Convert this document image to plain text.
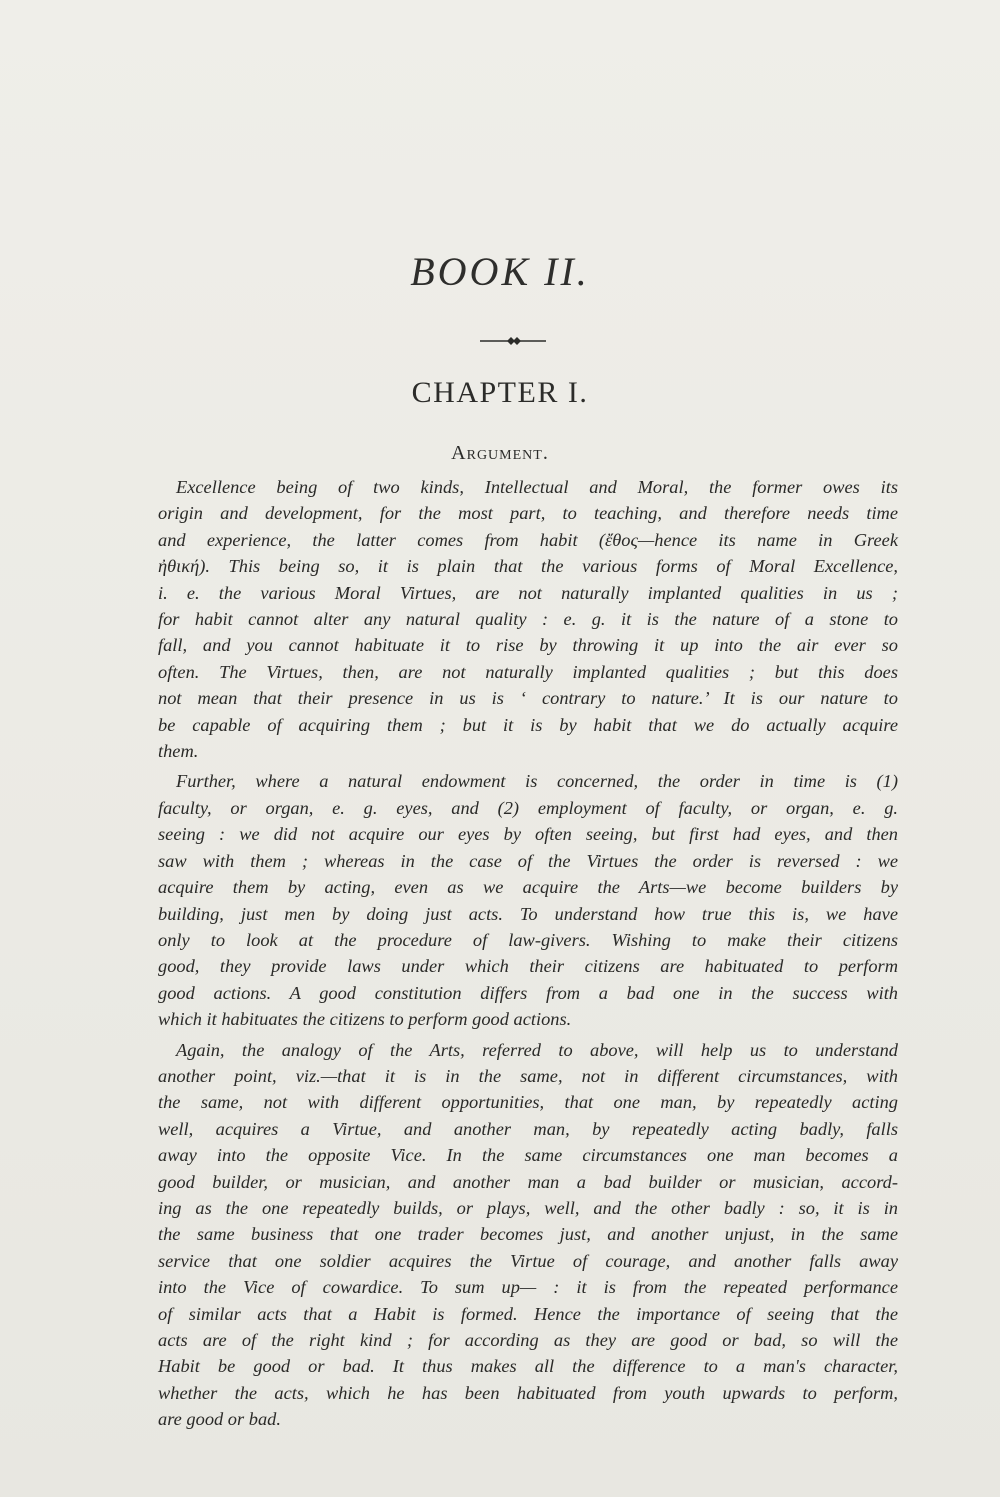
BOOK II.
CHAPTER I.
Argument.
Excellence being of two kinds, Intellectual and Moral, the former owes its
origin and development, for the most part, to teaching, and therefore needs time
and experience, the latter comes from habit (ἔθος—hence its name in Greek
ἠθική). This being so, it is plain that the various forms of Moral Excellence,
i. e. the various Moral Virtues, are not naturally implanted qualities in us ;
for habit cannot alter any natural quality : e. g. it is the nature of a stone to
fall, and you cannot habituate it to rise by throwing it up into the air ever so
often. The Virtues, then, are not naturally implanted qualities ; but this does
not mean that their presence in us is ‘ contrary to nature.’ It is our nature to
be capable of acquiring them ; but it is by habit that we do actually acquire
them.
Further, where a natural endowment is concerned, the order in time is (1)
faculty, or organ, e. g. eyes, and (2) employment of faculty, or organ, e. g.
seeing : we did not acquire our eyes by often seeing, but first had eyes, and then
saw with them ; whereas in the case of the Virtues the order is reversed : we
acquire them by acting, even as we acquire the Arts—we become builders by
building, just men by doing just acts. To understand how true this is, we have
only to look at the procedure of law-givers. Wishing to make their citizens
good, they provide laws under which their citizens are habituated to perform
good actions. A good constitution differs from a bad one in the success with
which it habituates the citizens to perform good actions.
Again, the analogy of the Arts, referred to above, will help us to understand
another point, viz.—that it is in the same, not in different circumstances, with
the same, not with different opportunities, that one man, by repeatedly acting
well, acquires a Virtue, and another man, by repeatedly acting badly, falls
away into the opposite Vice. In the same circumstances one man becomes a
good builder, or musician, and another man a bad builder or musician, accord-
ing as the one repeatedly builds, or plays, well, and the other badly : so, it is in
the same business that one trader becomes just, and another unjust, in the same
service that one soldier acquires the Virtue of courage, and another falls away
into the Vice of cowardice. To sum up— : it is from the repeated performance
of similar acts that a Habit is formed. Hence the importance of seeing that the
acts are of the right kind ; for according as they are good or bad, so will the
Habit be good or bad. It thus makes all the difference to a man's character,
whether the acts, which he has been habituated from youth upwards to perform,
are good or bad.
